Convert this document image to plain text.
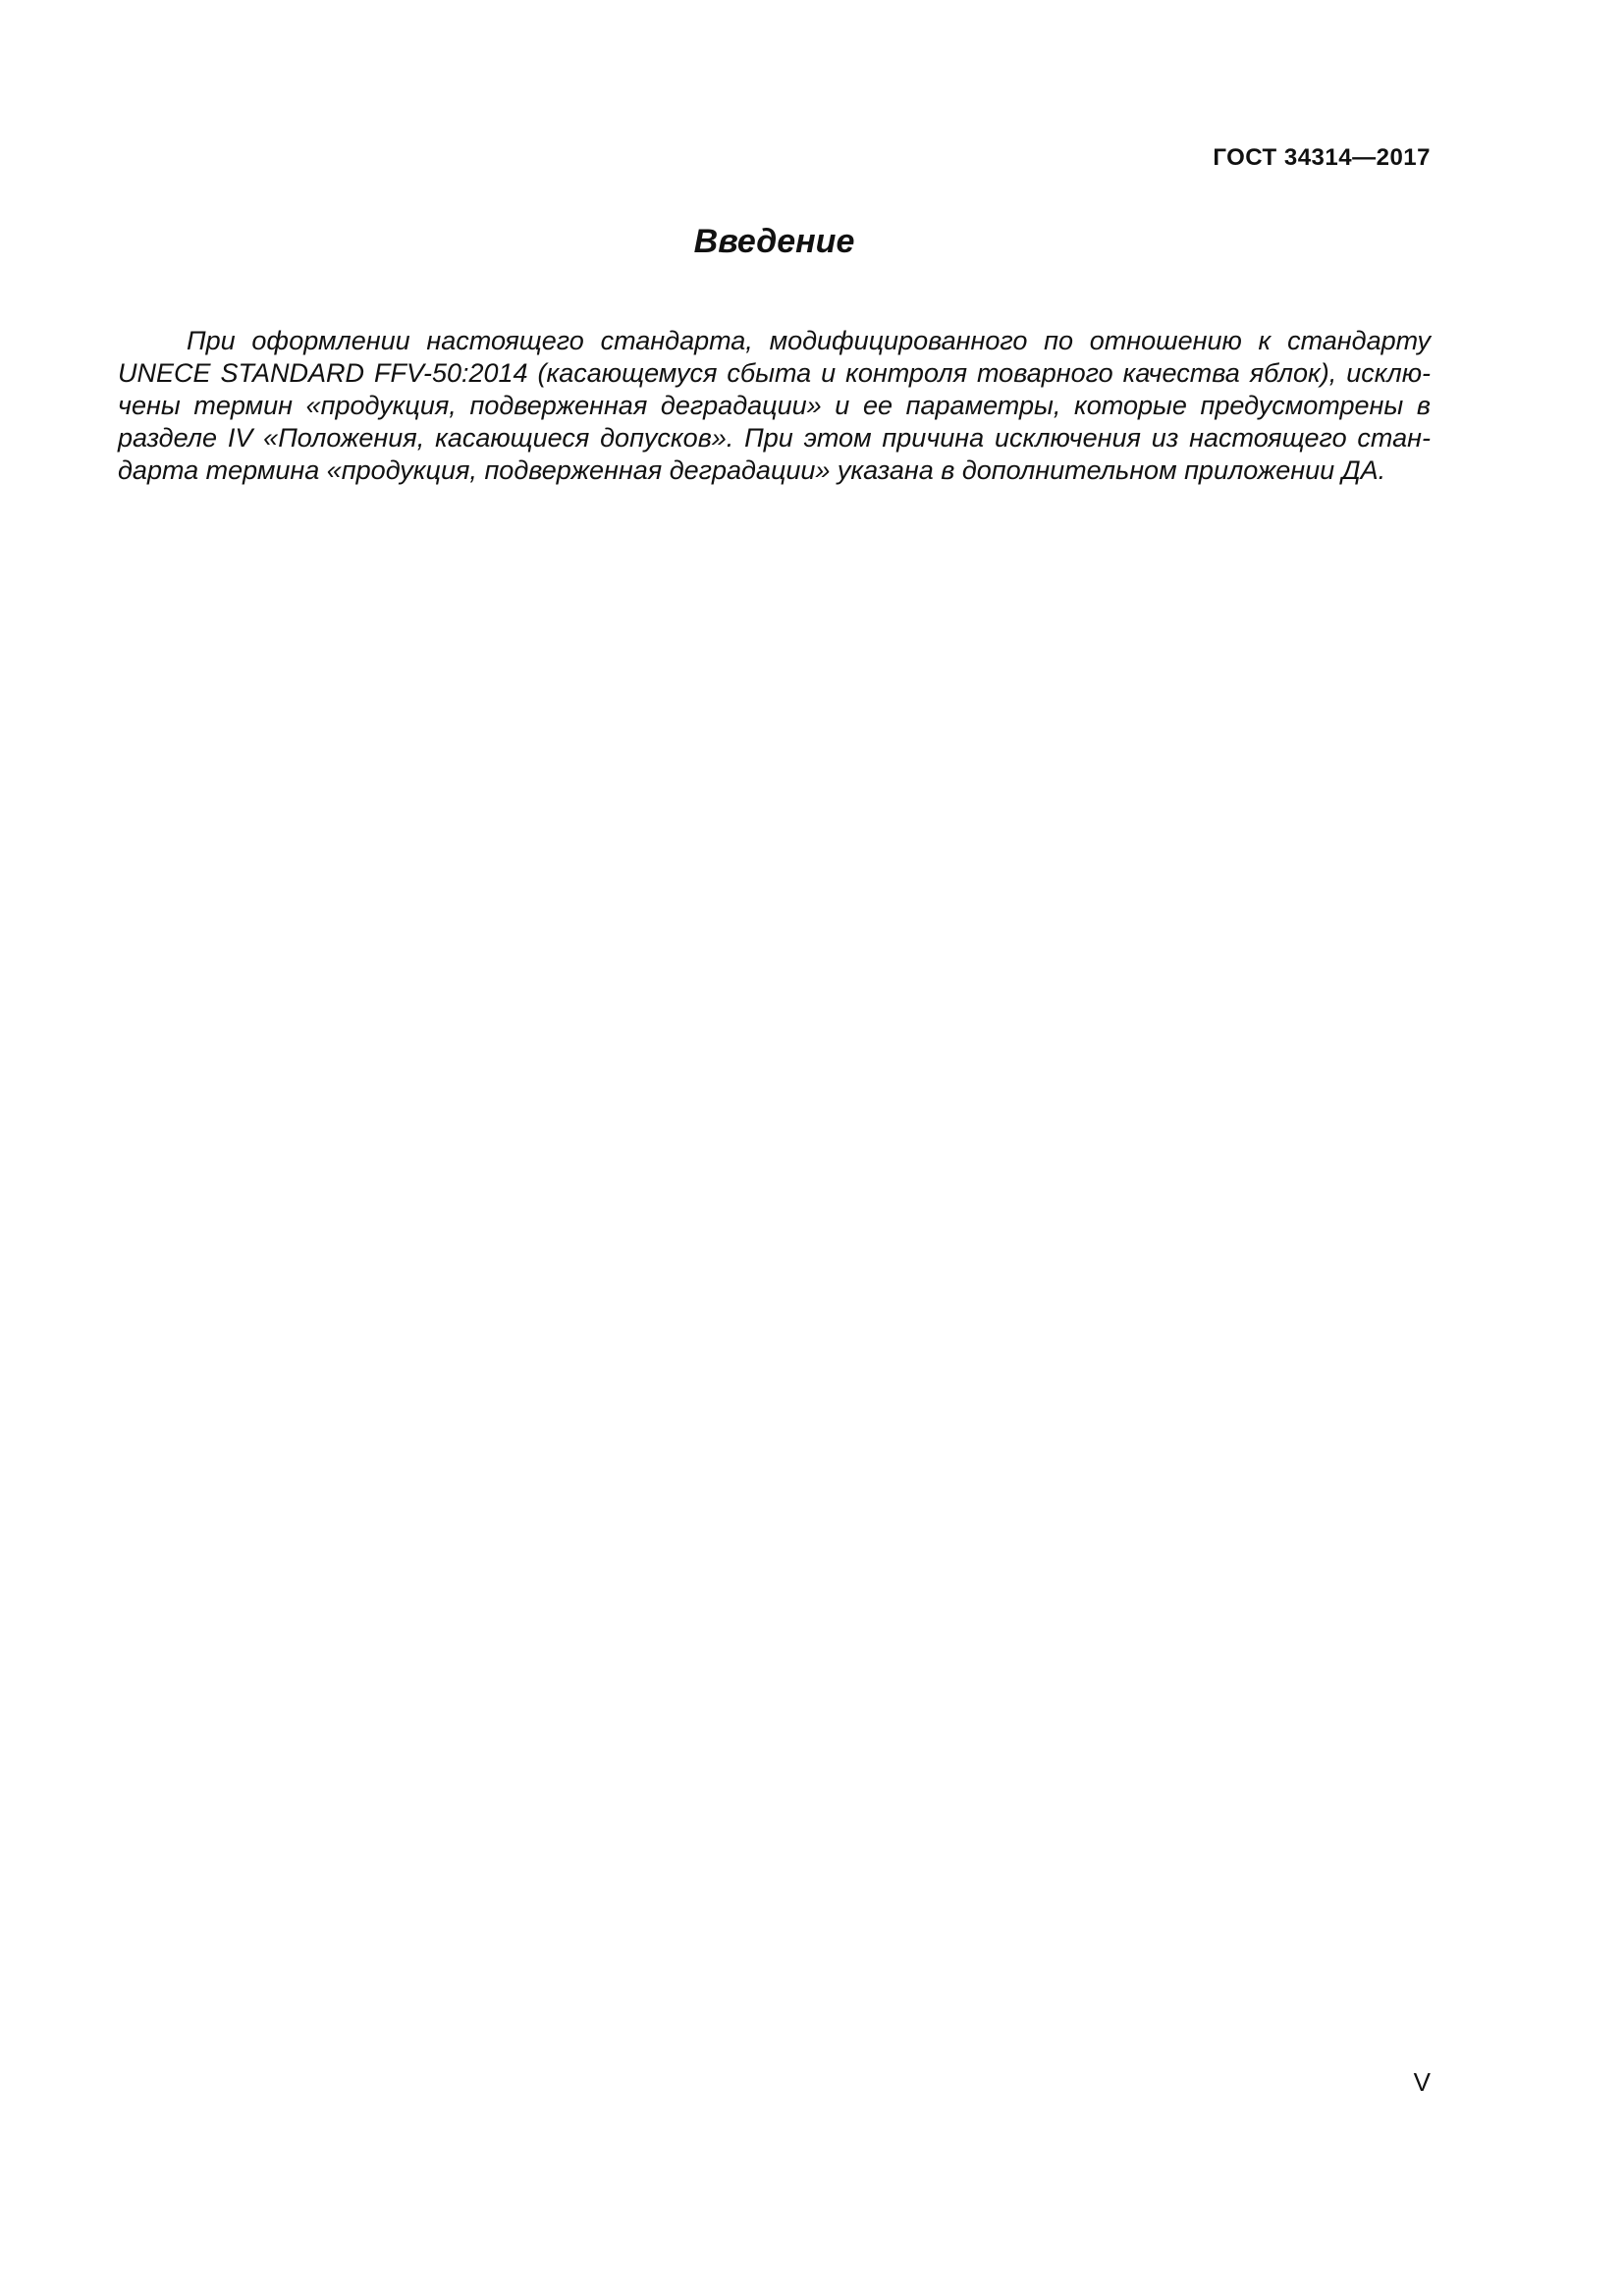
ГОСТ 34314—2017
Введение
При оформлении настоящего стандарта, модифицированного по отношению к стандарту
UNECE STANDARD FFV-50:2014 (касающемуся сбыта и контроля товарного качества яблок), исклю-
чены термин «продукция, подверженная деградации» и ее параметры, которые предусмотрены в
разделе IV «Положения, касающиеся допусков». При этом причина исключения из настоящего стан-
дарта термина «продукция, подверженная деградации» указана в дополнительном приложении ДА.
V
